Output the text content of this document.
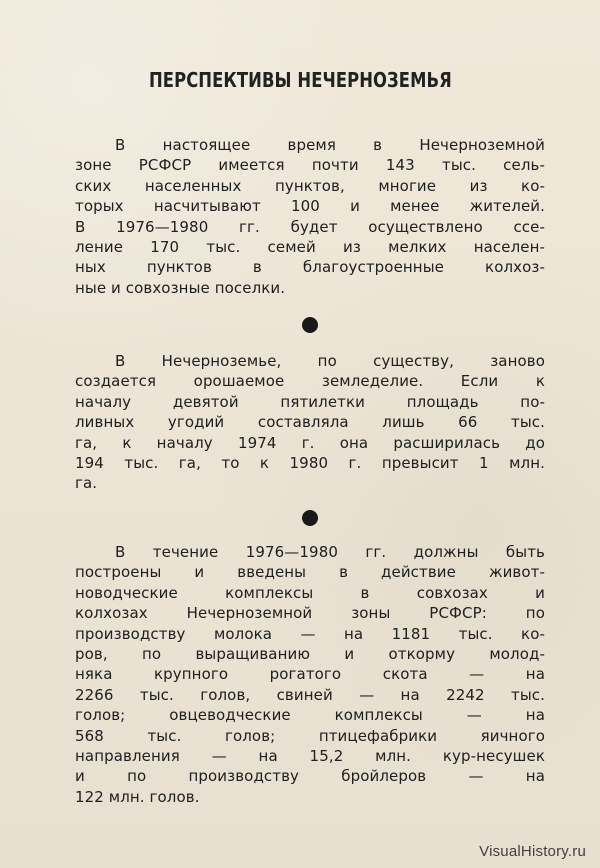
ПЕРСПЕКТИВЫ НЕЧЕРНОЗЕМЬЯ
В настоящее время в Нечерноземной
зоне РСФСР имеется почти 143 тыс. сель-
ских населенных пунктов, многие из ко-
торых насчитывают 100 и менее жителей.
В 1976—1980 гг. будет осуществлено ссе-
ление 170 тыс. семей из мелких населен-
ных пунктов в благоустроенные колхоз-
ные и совхозные поселки.
В Нечерноземье, по существу, заново
создается орошаемое земледелие. Если к
началу девятой пятилетки площадь по-
ливных угодий составляла лишь 66 тыс.
га, к началу 1974 г. она расширилась до
194 тыс. га, то к 1980 г. превысит 1 млн.
га.
В течение 1976—1980 гг. должны быть
построены и введены в действие живот-
новодческие комплексы в совхозах и
колхозах Нечерноземной зоны РСФСР: по
производству молока — на 1181 тыс. ко-
ров, по выращиванию и откорму молод-
няка крупного рогатого скота — на
2266 тыс. голов, свиней — на 2242 тыс.
голов; овцеводческие комплексы — на
568 тыс. голов; птицефабрики яичного
направления — на 15,2 млн. кур-несушек
и по производству бройлеров — на
122 млн. голов.
VisualHistory.ru
